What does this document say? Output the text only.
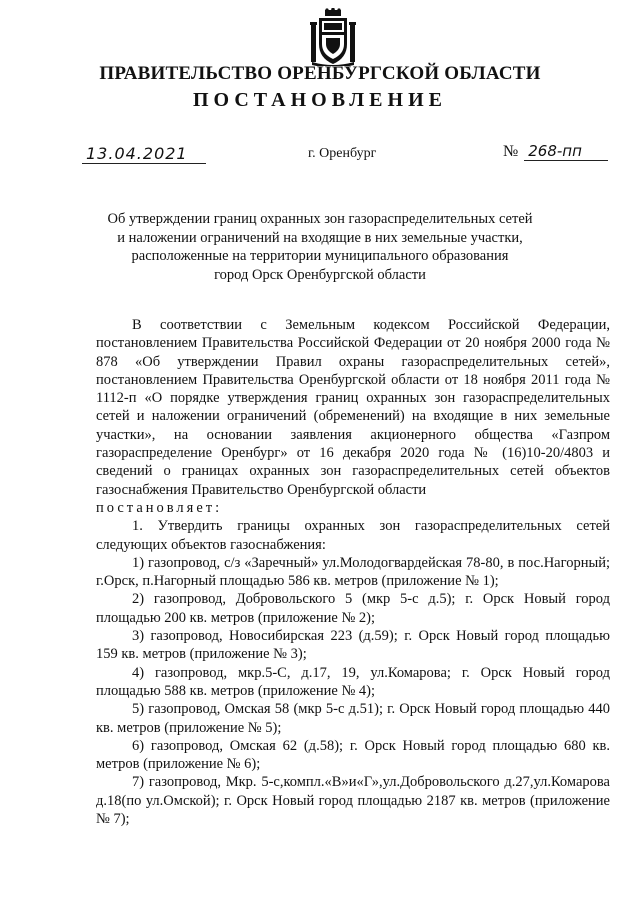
ПРАВИТЕЛЬСТВО ОРЕНБУРГСКОЙ ОБЛАСТИ
ПОСТАНОВЛЕНИЕ
13.04.2021	г. Оренбург	№ 268-пп
Об утверждении границ охранных зон газораспределительных сетей
и наложении ограничений на входящие в них земельные участки,
расположенные на территории муниципального образования
город Орск Оренбургской области

В соответствии с Земельным кодексом Российской Федерации, постановлением Правительства Российской Федерации от 20 ноября 2000 года № 878 «Об утверждении Правил охраны газораспределительных сетей», постановлением Правительства Оренбургской области от 18 ноября 2011 года № 1112-п «О порядке утверждения границ охранных зон газораспределительных сетей и наложении ограничений (обременений) на входящие в них земельные участки», на основании заявления акционерного общества «Газпром газораспределение Оренбург» от 16 декабря 2020 года № (16)10-20/4803 и сведений о границах охранных зон газораспределительных сетей объектов газоснабжения Правительство Оренбургской области

постановляет:

1. Утвердить границы охранных зон газораспределительных сетей следующих объектов газоснабжения:

1) газопровод, с/з «Заречный» ул.Молодогвардейская 78-80, в пос.Нагорный; г.Орск, п.Нагорный площадью 586 кв. метров (приложение № 1);

2) газопровод, Добровольского 5 (мкр 5-с д.5); г. Орск Новый город площадью 200 кв. метров (приложение № 2);

3) газопровод, Новосибирская 223 (д.59); г. Орск Новый город площадью 159 кв. метров (приложение № 3);

4) газопровод, мкр.5-С, д.17, 19, ул.Комарова; г. Орск Новый город площадью 588 кв. метров (приложение № 4);

5) газопровод, Омская 58 (мкр 5-с д.51); г. Орск Новый город площадью 440 кв. метров (приложение № 5);

6) газопровод, Омская 62 (д.58); г. Орск Новый город площадью 680 кв. метров (приложение № 6);

7) газопровод, Мкр. 5-с,компл.«В»и«Г»,ул.Добровольского д.27,ул.Комарова д.18(по ул.Омской); г. Орск Новый город площадью 2187 кв. метров (приложение № 7);
